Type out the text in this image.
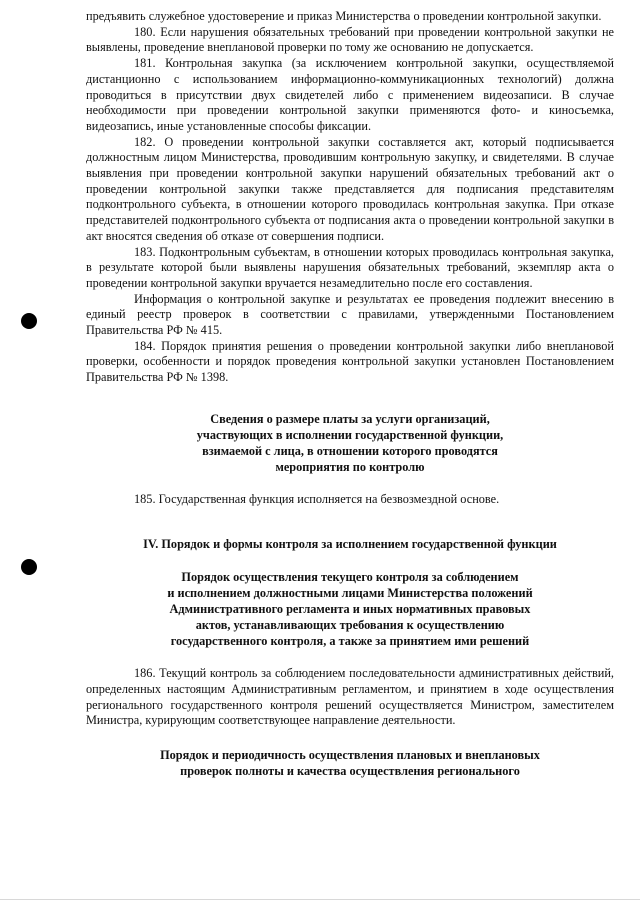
предъявить служебное удостоверение и приказ Министерства о проведении контрольной закупки.

180. Если нарушения обязательных требований при проведении контрольной закупки не выявлены, проведение внеплановой проверки по тому же основанию не допускается.

181. Контрольная закупка (за исключением контрольной закупки, осуществляемой дистанционно с использованием информационно-коммуникационных технологий) должна проводиться в присутствии двух свидетелей либо с применением видеозаписи. В случае необходимости при проведении контрольной закупки применяются фото- и киносъемка, видеозапись, иные установленные способы фиксации.

182. О проведении контрольной закупки составляется акт, который подписывается должностным лицом Министерства, проводившим контрольную закупку, и свидетелями. В случае выявления при проведении контрольной закупки нарушений обязательных требований акт о проведении контрольной закупки также представляется для подписания представителям подконтрольного субъекта, в отношении которого проводилась контрольная закупка. При отказе представителей подконтрольного субъекта от подписания акта о проведении контрольной закупки в акт вносятся сведения об отказе от совершения подписи.

183. Подконтрольным субъектам, в отношении которых проводилась контрольная закупка, в результате которой были выявлены нарушения обязательных требований, экземпляр акта о проведении контрольной закупки вручается незамедлительно после его составления.

Информация о контрольной закупке и результатах ее проведения подлежит внесению в единый реестр проверок в соответствии с правилами, утвержденными Постановлением Правительства РФ № 415.

184. Порядок принятия решения о проведении контрольной закупки либо внеплановой проверки, особенности и порядок проведения контрольной закупки установлен Постановлением Правительства РФ № 1398.

Сведения о размере платы за услуги организаций,
участвующих в исполнении государственной функции,
взимаемой с лица, в отношении которого проводятся
мероприятия по контролю

185. Государственная функция исполняется на безвозмездной основе.

IV. Порядок и формы контроля за исполнением государственной функции
Порядок осуществления текущего контроля за соблюдением
и исполнением должностными лицами Министерства положений
Административного регламента и иных нормативных правовых
актов, устанавливающих требования к осуществлению
государственного контроля, а также за принятием ими решений

186. Текущий контроль за соблюдением последовательности административных действий, определенных настоящим Административным регламентом, и принятием в ходе осуществления регионального государственного контроля решений осуществляется Министром, заместителем Министра, курирующим соответствующее направление деятельности.

Порядок и периодичность осуществления плановых и внеплановых
проверок полноты и качества осуществления регионального
